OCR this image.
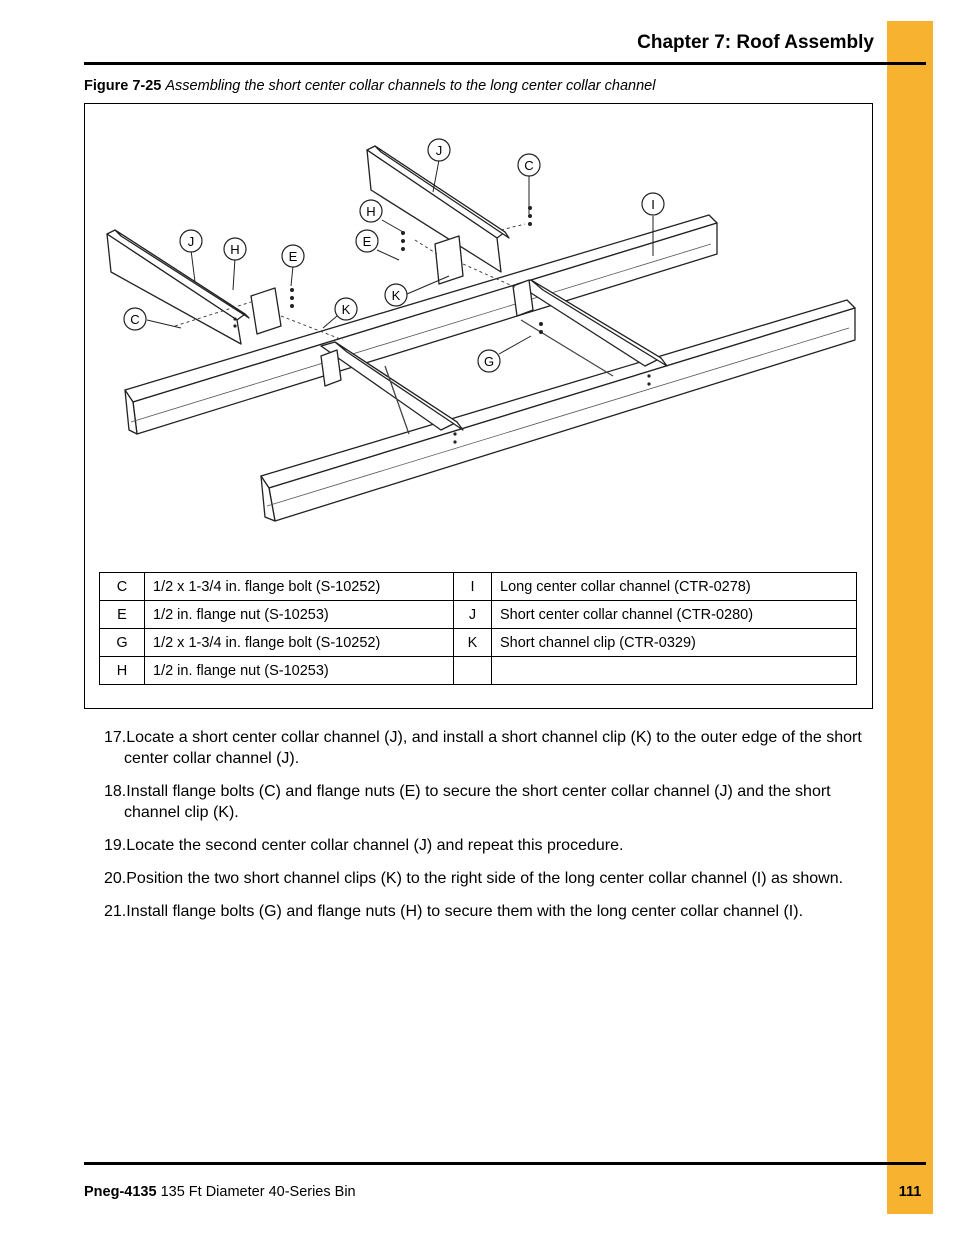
Chapter 7: Roof Assembly
Figure 7-25 Assembling the short center collar channels to the long center collar channel
J
C
I
H
E
K
J
H	E
C
K
G
C	1/2 x 1-3/4 in. flange bolt (S-10252)	I	Long center collar channel (CTR-0278)
E	1/2 in. flange nut (S-10253)	J	Short center collar channel (CTR-0280)
G	1/2 x 1-3/4 in. flange bolt (S-10252)	K	Short channel clip (CTR-0329)
H	1/2 in. flange nut (S-10253)		
17.Locate a short center collar channel (J), and install a short channel clip (K) to the outer edge of the short center collar channel (J).
18.Install flange bolts (C) and flange nuts (E) to secure the short center collar channel (J) and the short channel clip (K).
19.Locate the second center collar channel (J) and repeat this procedure.
20.Position the two short channel clips (K) to the right side of the long center collar channel (I) as shown.
21.Install flange bolts (G) and flange nuts (H) to secure them with the long center collar channel (I).
Pneg-4135 135 Ft Diameter 40-Series Bin	111
